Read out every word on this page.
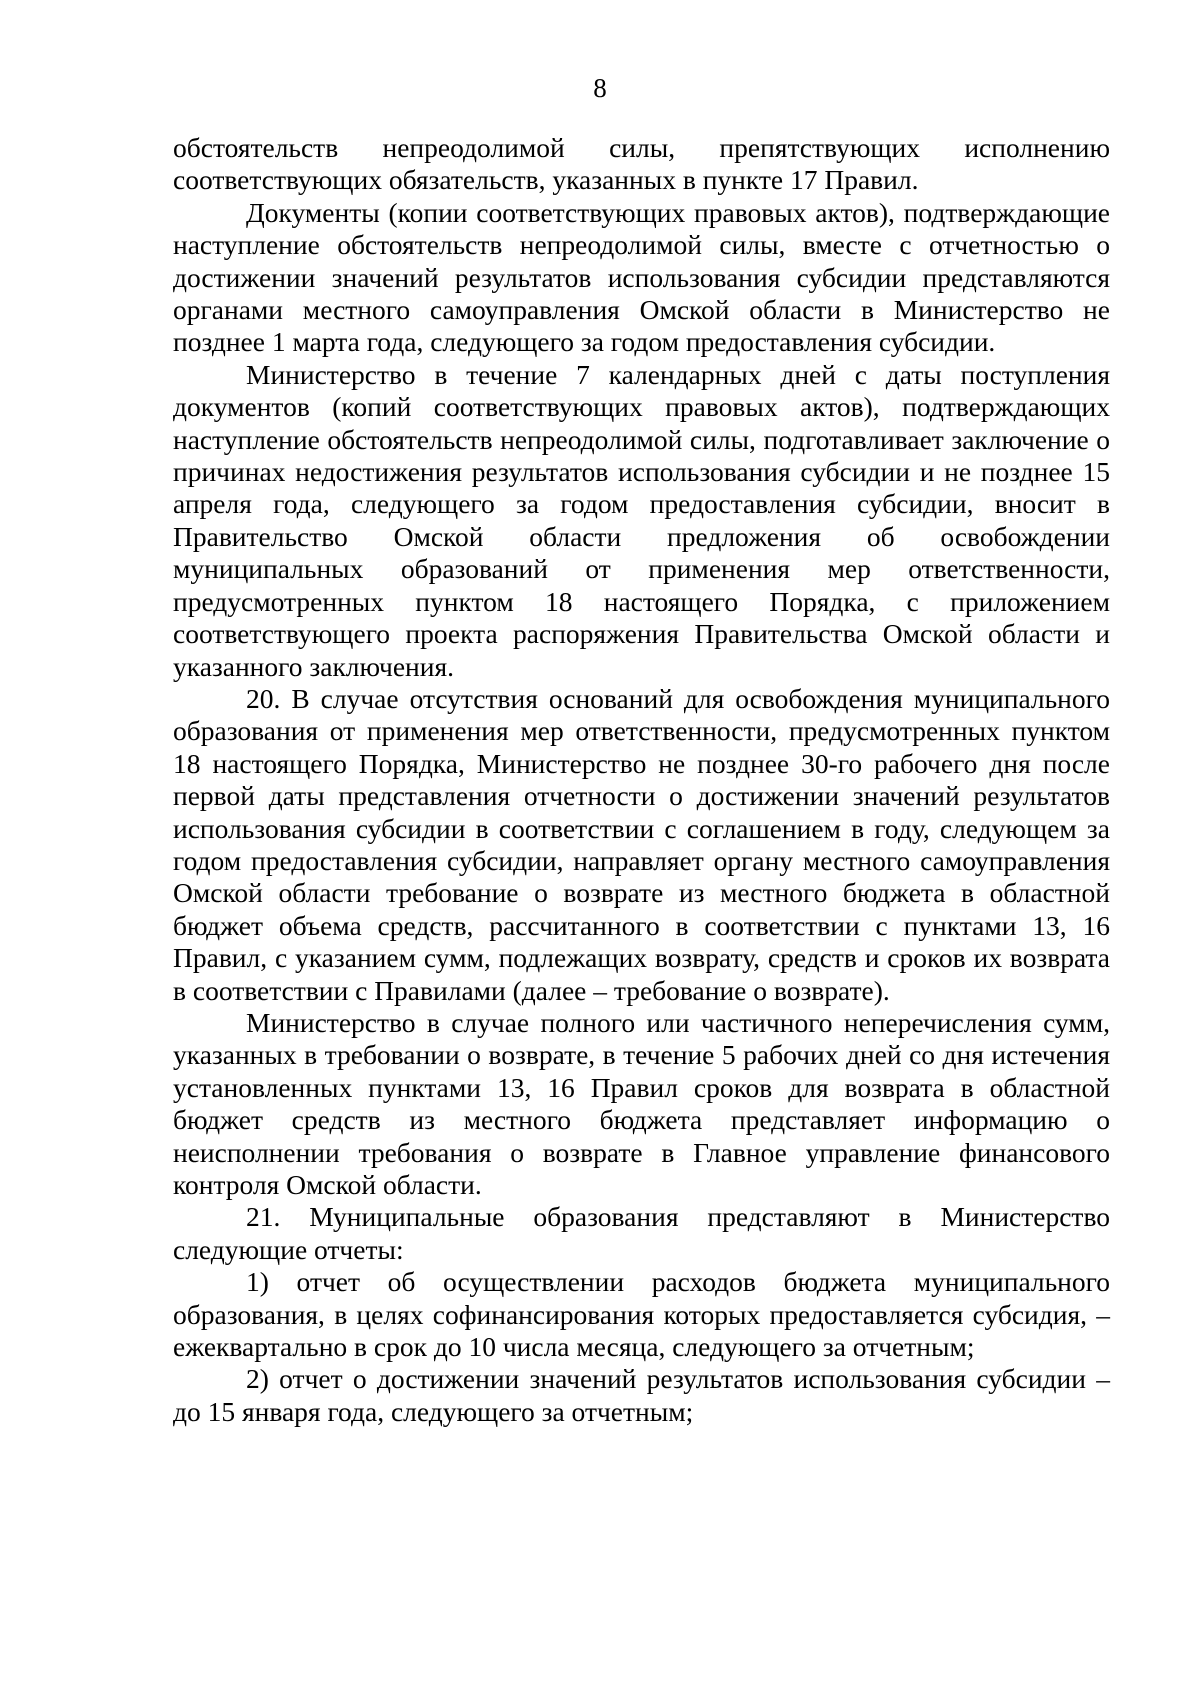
8

обстоятельств непреодолимой силы, препятствующих исполнению соответствующих обязательств, указанных в пункте 17 Правил.

Документы (копии соответствующих правовых актов), подтверждающие наступление обстоятельств непреодолимой силы, вместе с отчетностью о достижении значений результатов использования субсидии представляются органами местного самоуправления Омской области в Министерство не позднее 1 марта года, следующего за годом предоставления субсидии.

Министерство в течение 7 календарных дней с даты поступления документов (копий соответствующих правовых актов), подтверждающих наступление обстоятельств непреодолимой силы, подготавливает заключение о причинах недостижения результатов использования субсидии и не позднее 15 апреля года, следующего за годом предоставления субсидии, вносит в Правительство Омской области предложения об освобождении муниципальных образований от применения мер ответственности, предусмотренных пунктом 18 настоящего Порядка, с приложением соответствующего проекта распоряжения Правительства Омской области и указанного заключения.

20. В случае отсутствия оснований для освобождения муниципального образования от применения мер ответственности, предусмотренных пунктом 18 настоящего Порядка, Министерство не позднее 30-го рабочего дня после первой даты представления отчетности о достижении значений результатов использования субсидии в соответствии с соглашением в году, следующем за годом предоставления субсидии, направляет органу местного самоуправления Омской области требование о возврате из местного бюджета в областной бюджет объема средств, рассчитанного в соответствии с пунктами 13, 16 Правил, с указанием сумм, подлежащих возврату, средств и сроков их возврата в соответствии с Правилами (далее – требование о возврате).

Министерство в случае полного или частичного неперечисления сумм, указанных в требовании о возврате, в течение 5 рабочих дней со дня истечения установленных пунктами 13, 16 Правил сроков для возврата в областной бюджет средств из местного бюджета представляет информацию о неисполнении требования о возврате в Главное управление финансового контроля Омской области.

21. Муниципальные образования представляют в Министерство следующие отчеты:

1) отчет об осуществлении расходов бюджета муниципального образования, в целях софинансирования которых предоставляется субсидия, – ежеквартально в срок до 10 числа месяца, следующего за отчетным;

2) отчет о достижении значений результатов использования субсидии – до 15 января года, следующего за отчетным;
